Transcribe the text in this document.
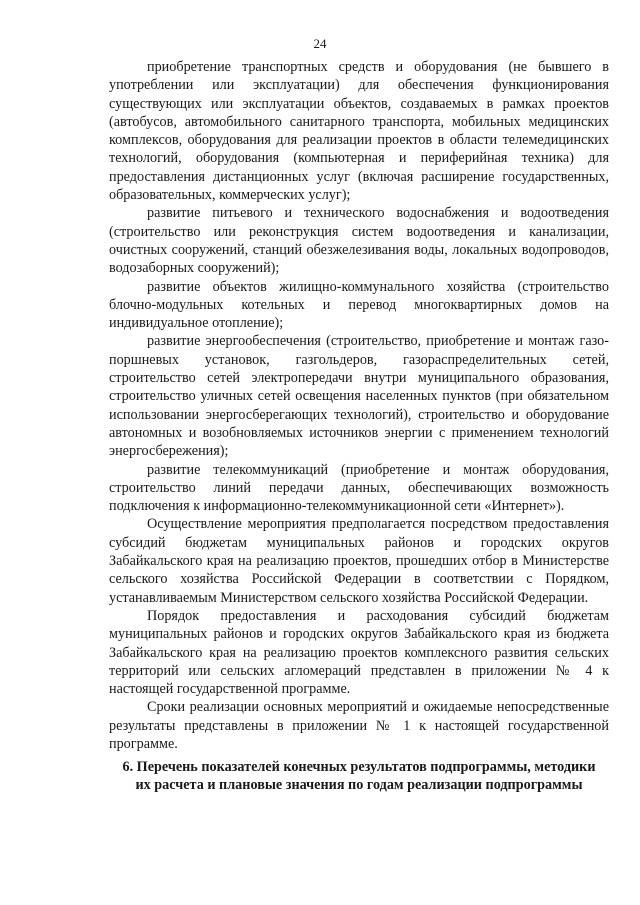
24

приобретение транспортных средств и оборудования (не бывшего в употреблении или эксплуатации) для обеспечения функционирования существующих или эксплуатации объектов, создаваемых в рамках проектов (автобусов, автомобильного санитарного транспорта, мобильных медицинских комплексов, оборудования для реализации проектов в области телемедицинских технологий, оборудования (компьютерная и периферийная техника) для предоставления дистанционных услуг (включая расширение государственных, образовательных, коммерческих услуг);

развитие питьевого и технического водоснабжения и водоотведения (строительство или реконструкция систем водоотведения и канализации, очистных сооружений, станций обезжелезивания воды, локальных водопроводов, водозаборных сооружений);

развитие объектов жилищно-коммунального хозяйства (строительство блочно-модульных котельных и перевод многоквартирных домов на индивидуальное отопление);

развитие энергообеспечения (строительство, приобретение и монтаж газо-поршневых установок, газгольдеров, газораспределительных сетей, строительство сетей электропередачи внутри муниципального образования, строительство уличных сетей освещения населенных пунктов (при обязательном использовании энергосберегающих технологий), строительство и оборудование автономных и возобновляемых источников энергии с применением технологий энергосбережения);

развитие телекоммуникаций (приобретение и монтаж оборудования, строительство линий передачи данных, обеспечивающих возможность подключения к информационно-телекоммуникационной сети «Интернет»).

Осуществление мероприятия предполагается посредством предоставления субсидий бюджетам муниципальных районов и городских округов Забайкальского края на реализацию проектов, прошедших отбор в Министерстве сельского хозяйства Российской Федерации в соответствии с Порядком, устанавливаемым Министерством сельского хозяйства Российской Федерации.

Порядок предоставления и расходования субсидий бюджетам муниципальных районов и городских округов Забайкальского края из бюджета Забайкальского края на реализацию проектов комплексного развития сельских территорий или сельских агломераций представлен в приложении № 4 к настоящей государственной программе.

Сроки реализации основных мероприятий и ожидаемые непосредственные результаты представлены в приложении № 1 к настоящей государственной программе.

6. Перечень показателей конечных результатов подпрограммы, методики
их расчета и плановые значения по годам реализации подпрограммы
